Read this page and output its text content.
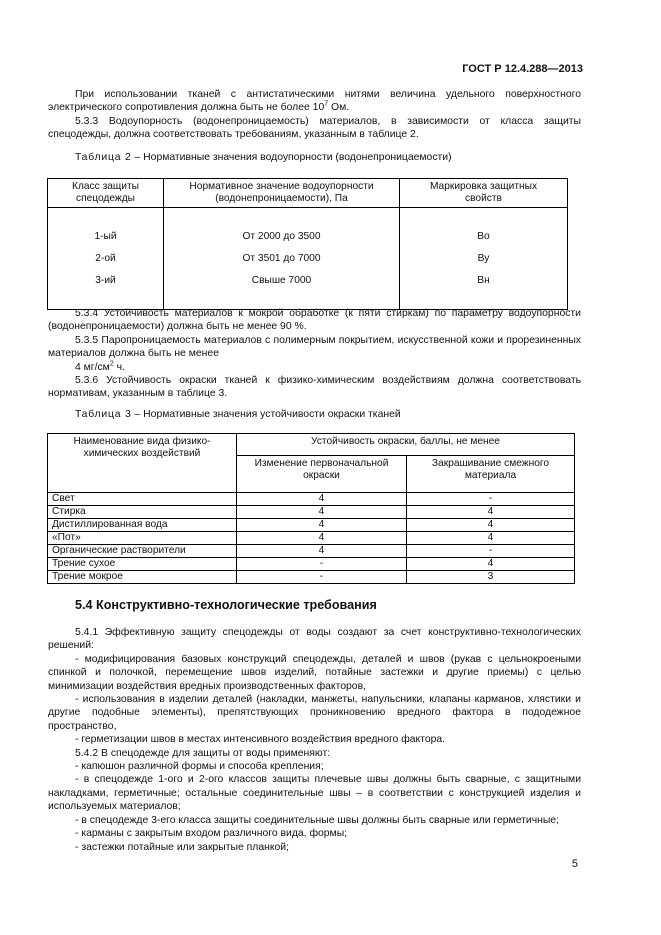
ГОСТ Р 12.4.288—2013

При использовании тканей с антистатическими нитями величина удельного поверхностного электрического сопротивления должна быть не более $10^7$ Ом.

5.3.3 Водоупорность (водонепроницаемость) материалов, в зависимости от класса защиты спецодежды, должна соответствовать требованиям, указанным в таблице 2.

Таблица 2 – Нормативные значения водоупорности (водонепроницаемости)
Класс защиты спецодежды	Нормативное значение водоупорности (водонепроницаемости), Па	Маркировка защитных свойств
1-ый	От 2000 до 3500	Во
2-ой	От 3501 до 7000	Ву
3-ий	Свыше 7000	Вн

5.3.4 Устойчивость материалов к мокрой обработке (к пяти стиркам) по параметру водоупорности (водонепроницаемости) должна быть не менее 90 %.

5.3.5 Паропроницаемость материалов с полимерным покрытием, искусственной кожи и прорезиненных материалов должна быть не менее

4 $мг/см^2$ ч.

5.3.6 Устойчивость окраски тканей к физико-химическим воздействиям должна соответствовать нормативам, указанным в таблице 3.

Таблица 3 – Нормативные значения устойчивости окраски тканей
Наименование вида физико-химических воздействий	Устойчивость окраски, баллы, не менее	
	Изменение первоначальной окраски	Закрашивание смежного материала
Свет	4	-
Стирка	4	4
Дистиллированная вода	4	4
«Пот»	4	4
Органические растворители	4	-
Трение сухое	-	4
Трение мокрое	-	3
5.4 Конструктивно-технологические требования

5.4.1 Эффективную защиту спецодежды от воды создают за счет конструктивно-технологических решений:

- модифицирования базовых конструкций спецодежды, деталей и швов (рукав с цельнокроеными спинкой и полочкой, перемещение швов изделий, потайные застежки и другие приемы) с целью минимизации воздействия вредных производственных факторов,

- использования в изделии деталей (накладки, манжеты, напульсники, клапаны карманов, хлястики и другие подобные элементы), препятствующих проникновению вредного фактора в пододежное пространство,

- герметизации швов в местах интенсивного воздействия вредного фактора.

5.4.2 В спецодежде для защиты от воды применяют:

- капюшон различной формы и способа крепления;

- в спецодежде 1-ого и 2-ого классов защиты плечевые швы должны быть сварные, с защитными накладками, герметичные; остальные соединительные швы – в соответствии с конструкцией изделия и используемых материалов;

- в спецодежде 3-его класса защиты соединительные швы должны быть сварные или герметичные;

- карманы с закрытым входом различного вида, формы;

- застежки потайные или закрытые планкой;

5
